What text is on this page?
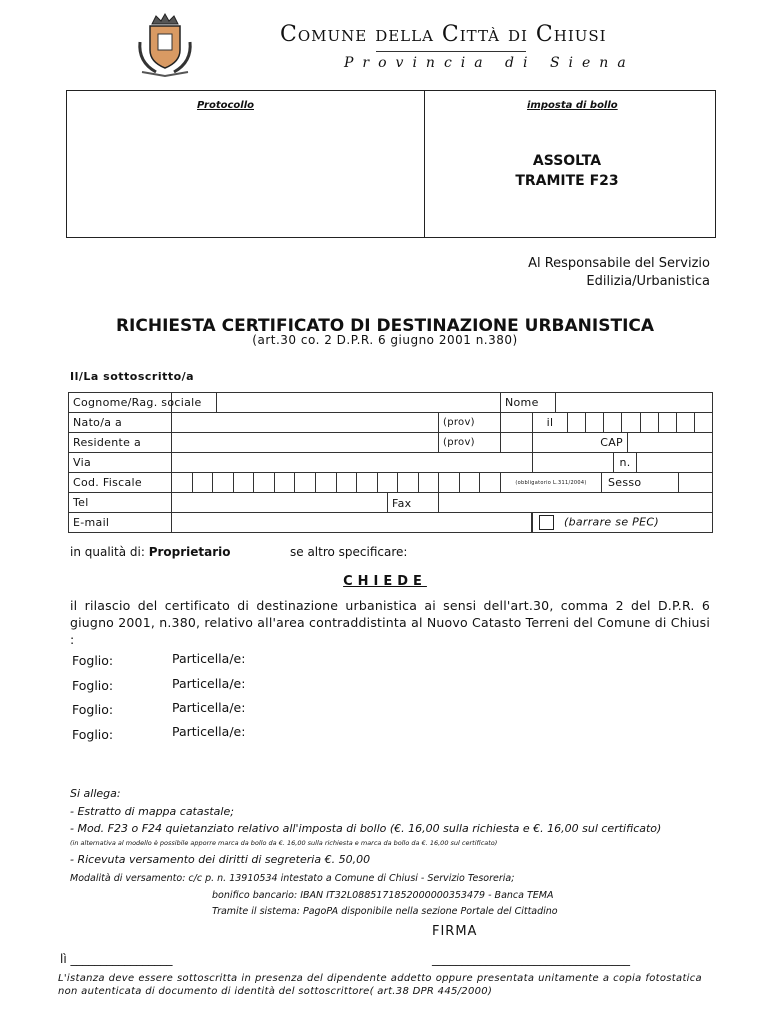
Comune della Città di Chiusi
Provincia di Siena
Protocollo	imposta di bollo
ASSOLTA
TRAMITE F23
Al Responsabile del Servizio
Edilizia/Urbanistica
RICHIESTA CERTIFICATO DI DESTINAZIONE URBANISTICA
(art.30 co. 2 D.P.R. 6 giugno 2001 n.380)
Il/La sottoscritto/a
Cognome/Rag. sociale			Nome	

Nato/a a		(prov)		il

Residente a		(prov)		CAP

Via				n.

Cod. Fiscale			(obbligatorio L.311/2004) Sesso	

Tel	Fax			

E-mail				(barrare se PEC)
in qualità di: Proprietario	se altro specificare:
CHIEDE
il rilascio del certificato di destinazione urbanistica ai sensi dell'art.30, comma 2 del D.P.R. 6 giugno 2001, n.380, relativo all'area contraddistinta al Nuovo Catasto Terreni del Comune di Chiusi :
Foglio:	Particella/e:
Foglio:	Particella/e:
Foglio:	Particella/e:
Foglio:	Particella/e:
Si allega:
- Estratto di mappa catastale;
- Mod. F23 o F24 quietanziato relativo all'imposta di bollo (€. 16,00 sulla richiesta e €. 16,00 sul certificato)
(in alternativa al modello è possibile apporre marca da bollo da €. 16,00 sulla richiesta e marca da bollo da €. 16,00 sul certificato)
- Ricevuta versamento dei diritti di segreteria €. 50,00
Modalità di versamento: c/c p. n. 13910534 intestato a Comune di Chiusi - Servizio Tesoreria;
bonifico bancario: IBAN IT32L0885171852000000353479 - Banca TEMA
Tramite il sistema: PagoPA disponibile nella sezione Portale del Cittadino
FIRMA
lì _________________	_________________________________
L'istanza deve essere sottoscritta in presenza del dipendente addetto oppure presentata unitamente a copia fotostatica non autenticata di documento di identità del sottoscrittore( art.38 DPR 445/2000)
